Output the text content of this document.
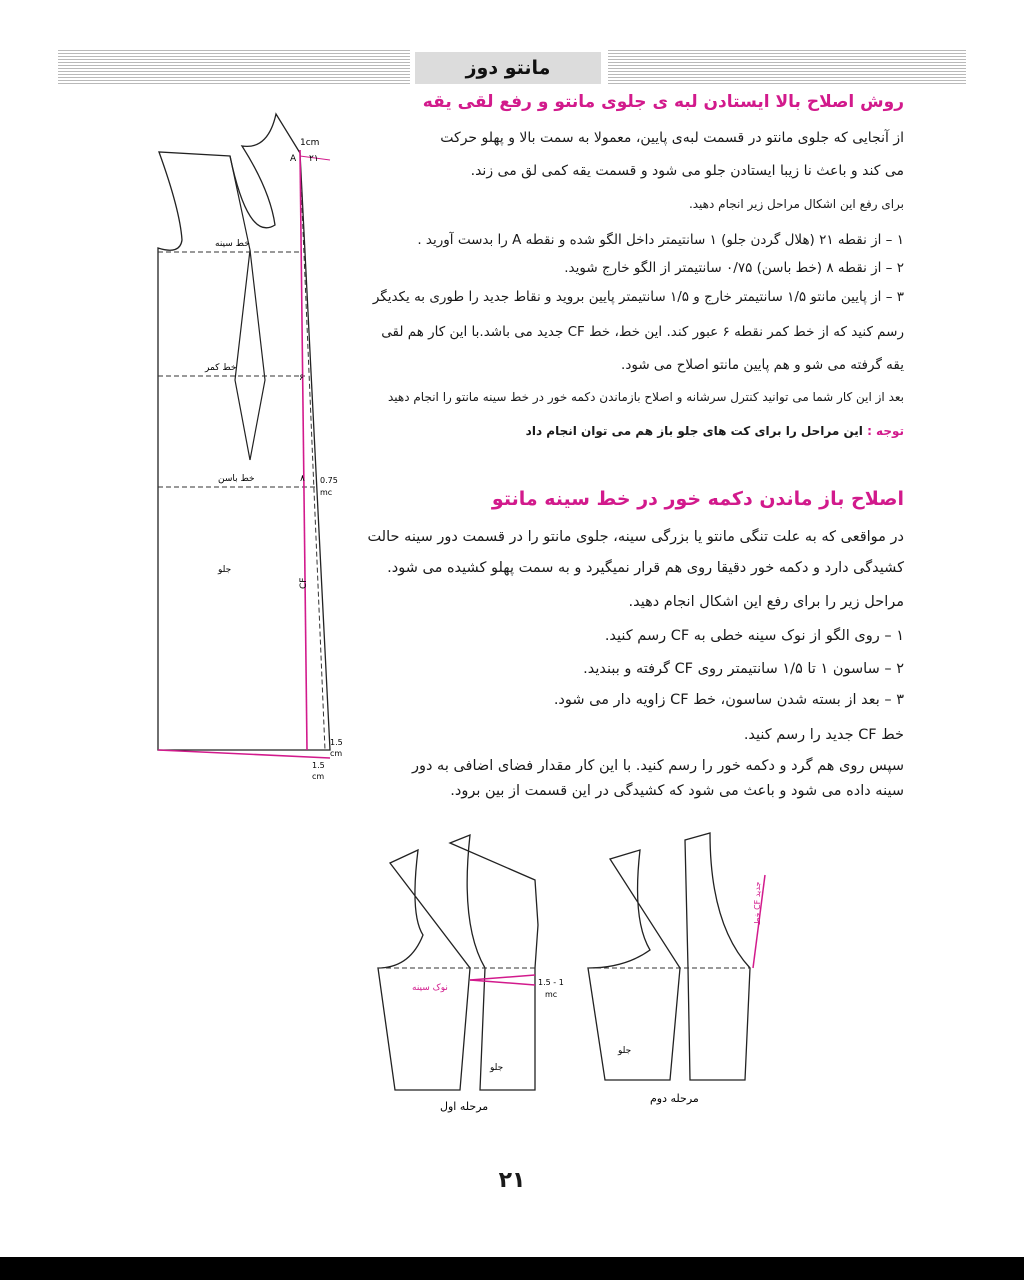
مانتو دوز
روش اصلاح بالا ایستادن لبه ی جلوی مانتو و رفع لقی یقه
از آنجایی که جلوی مانتو در قسمت لبه‌ی پایین، معمولا به سمت بالا و پهلو حرکت
می کند و باعث نا زیبا ایستادن جلو می شود و قسمت یقه کمی لق می زند.
برای رفع این اشکال مراحل زیر انجام دهید.
۱ – از نقطه ۲۱ (هلال گردن جلو) ۱ سانتیمتر داخل الگو شده و نقطه A را بدست آورید .
۲ – از نقطه ۸ (خط باسن) ۰/۷۵ سانتیمتر از الگو خارج شوید.
۳ – از پایین مانتو ۱/۵ سانتیمتر خارج و ۱/۵ سانتیمتر پایین بروید و نقاط جدید را طوری به یکدیگر
رسم کنید که از خط کمر نقطه ۶ عبور کند. این خط، خط CF جدید می باشد.با این کار هم لقی
یقه گرفته می شو و هم پایین مانتو اصلاح می شود.
بعد از این کار شما می توانید کنترل سرشانه و اصلاح بازماندن دکمه خور در خط سینه مانتو را انجام دهید
توجه : این مراحل را برای کت های جلو باز هم می توان انجام داد
اصلاح باز ماندن دکمه خور در خط سینه مانتو
در مواقعی که به علت تنگی مانتو یا بزرگی سینه، جلوی مانتو را در قسمت دور سینه حالت
کشیدگی دارد و دکمه خور دقیقا روی هم قرار نمیگیرد و به سمت پهلو کشیده می شود.
مراحل زیر را برای رفع این اشکال انجام دهید.
۱ – روی الگو از نوک سینه خطی به CF رسم کنید.
۲ – ساسون ۱ تا ۱/۵ سانتیمتر روی CF گرفته و ببندید.
۳ – بعد از بسته شدن ساسون، خط CF زاویه دار می شود.
خط CF جدید را رسم کنید.
سپس روی هم گرد و دکمه خور را رسم کنید. با این کار مقدار فضای اضافی به دور
سینه داده می شود و باعث می شود که کشیدگی در این قسمت از بین برود.
1cm
A ۲۱
خط سینه
خط کمر
۶
خط باسن	۸ 0.75
mc
جلو
CF
1.5
cm
1.5
cm
نوک سینه
1.5 - 1
mc
جلو
جلو
خط CF جدید
مرحله اول
مرحله دوم
۲۱
